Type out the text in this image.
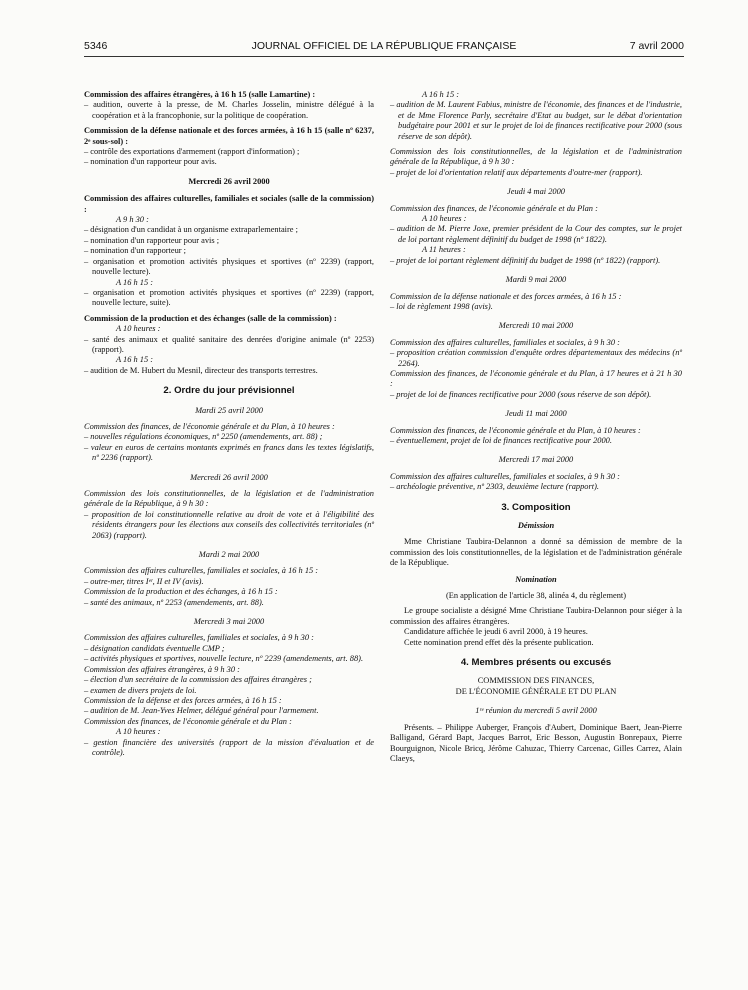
5346	JOURNAL OFFICIEL DE LA RÉPUBLIQUE FRANÇAISE	7 avril 2000

Commission des affaires étrangères, à 16 h 15 (salle Lamartine) :

– audition, ouverte à la presse, de M. Charles Josselin, ministre délégué à la coopération et à la francophonie, sur la politique de coopération.

Commission de la défense nationale et des forces armées, à 16 h 15 (salle nº 6237, 2ᵉ sous-sol) :

– contrôle des exportations d'armement (rapport d'information) ;

– nomination d'un rapporteur pour avis.

Mercredi 26 avril 2000

Commission des affaires culturelles, familiales et sociales (salle de la commission) :

A 9 h 30 :

– désignation d'un candidat à un organisme extraparlementaire ;

– nomination d'un rapporteur pour avis ;

– nomination d'un rapporteur ;

– organisation et promotion activités physiques et sportives (nº 2239) (rapport, nouvelle lecture).

A 16 h 15 :

– organisation et promotion activités physiques et sportives (nº 2239) (rapport, nouvelle lecture, suite).

Commission de la production et des échanges (salle de la commission) :

A 10 heures :

– santé des animaux et qualité sanitaire des denrées d'origine animale (nº 2253) (rapport).

A 16 h 15 :

– audition de M. Hubert du Mesnil, directeur des transports terrestres.

2. Ordre du jour prévisionnel

Mardi 25 avril 2000

Commission des finances, de l'économie générale et du Plan, à 10 heures :

– nouvelles régulations économiques, nº 2250 (amendements, art. 88) ;

– valeur en euros de certains montants exprimés en francs dans les textes législatifs, nº 2236 (rapport).

Mercredi 26 avril 2000

Commission des lois constitutionnelles, de la législation et de l'administration générale de la République, à 9 h 30 :

– proposition de loi constitutionnelle relative au droit de vote et à l'éligibilité des résidents étrangers pour les élections aux conseils des collectivités territoriales (nº 2063) (rapport).

Mardi 2 mai 2000

Commission des affaires culturelles, familiales et sociales, à 16 h 15 :

– outre-mer, titres Iᵉʳ, II et IV (avis).

Commission de la production et des échanges, à 16 h 15 :

– santé des animaux, nº 2253 (amendements, art. 88).

Mercredi 3 mai 2000

Commission des affaires culturelles, familiales et sociales, à 9 h 30 :

– désignation candidats éventuelle CMP ;

– activités physiques et sportives, nouvelle lecture, nº 2239 (amendements, art. 88).

Commission des affaires étrangères, à 9 h 30 :

– élection d'un secrétaire de la commission des affaires étrangères ;

– examen de divers projets de loi.

Commission de la défense et des forces armées, à 16 h 15 :

– audition de M. Jean-Yves Helmer, délégué général pour l'armement.

Commission des finances, de l'économie générale et du Plan :

A 10 heures :

– gestion financière des universités (rapport de la mission d'évaluation et de contrôle).

A 16 h 15 :

– audition de M. Laurent Fabius, ministre de l'économie, des finances et de l'industrie, et de Mme Florence Parly, secrétaire d'Etat au budget, sur le débat d'orientation budgétaire pour 2001 et sur le projet de loi de finances rectificative pour 2000 (sous réserve de son dépôt).

Commission des lois constitutionnelles, de la législation et de l'administration générale de la République, à 9 h 30 :

– projet de loi d'orientation relatif aux départements d'outre-mer (rapport).

Jeudi 4 mai 2000

Commission des finances, de l'économie générale et du Plan :

A 10 heures :

– audition de M. Pierre Joxe, premier président de la Cour des comptes, sur le projet de loi portant règlement définitif du budget de 1998 (nº 1822).

A 11 heures :

– projet de loi portant règlement définitif du budget de 1998 (nº 1822) (rapport).

Mardi 9 mai 2000

Commission de la défense nationale et des forces armées, à 16 h 15 :

– loi de règlement 1998 (avis).

Mercredi 10 mai 2000

Commission des affaires culturelles, familiales et sociales, à 9 h 30 :

– proposition création commission d'enquête ordres départementaux des médecins (nº 2264).

Commission des finances, de l'économie générale et du Plan, à 17 heures et à 21 h 30 :

– projet de loi de finances rectificative pour 2000 (sous réserve de son dépôt).

Jeudi 11 mai 2000

Commission des finances, de l'économie générale et du Plan, à 10 heures :

– éventuellement, projet de loi de finances rectificative pour 2000.

Mercredi 17 mai 2000

Commission des affaires culturelles, familiales et sociales, à 9 h 30 :

– archéologie préventive, nº 2303, deuxième lecture (rapport).

3. Composition

Démission

Mme Christiane Taubira-Delannon a donné sa démission de membre de la commission des lois constitutionnelles, de la législation et de l'administration générale de la République.

Nomination

(En application de l'article 38, alinéa 4, du règlement)

Le groupe socialiste a désigné Mme Christiane Taubira-Delannon pour siéger à la commission des affaires étrangères.

Candidature affichée le jeudi 6 avril 2000, à 19 heures.

Cette nomination prend effet dès la présente publication.

4. Membres présents ou excusés

COMMISSION DES FINANCES,

DE L'ÉCONOMIE GÉNÉRALE ET DU PLAN

1ʳᵉ réunion du mercredi 5 avril 2000

Présents. – Philippe Auberger, François d'Aubert, Dominique Baert, Jean-Pierre Balligand, Gérard Bapt, Jacques Barrot, Eric Besson, Augustin Bonrepaux, Pierre Bourguignon, Nicole Bricq, Jérôme Cahuzac, Thierry Carcenac, Gilles Carrez, Alain Claeys,
